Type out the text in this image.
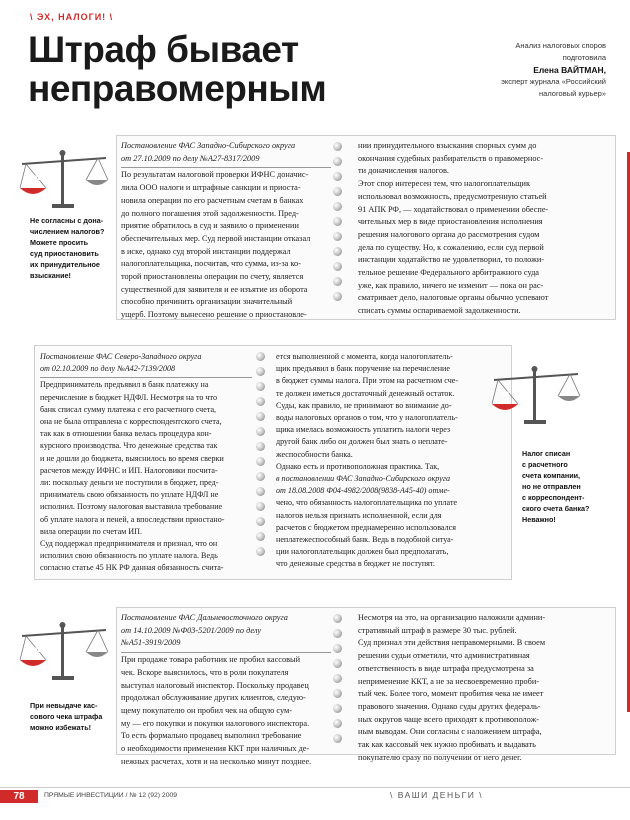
\ ЭХ, НАЛОГИ! \
Штраф бывает
неправомерным
Анализ налоговых споров
подготовила
Елена ВАЙТМАН,
эксперт журнала «Российский
налоговый курьер»
за
Не согласны с дона-
числением налогов?
Можете просить
суд приостановить
их принудительное
взыскание!
Постановление ФАС Западно-Сибирского округа
от 27.10.2009 по делу №А27-8317/2009
По результатам налоговой проверки ИФНС доначис-
лила ООО налоги и штрафные санкции и приоста-
новила операции по его расчетным счетам в банках
до полного погашения этой задолженности. Пред-
приятие обратилось в суд и заявило о применении
обеспечительных мер. Суд первой инстанции отказал
в иске, однако суд второй инстанции поддержал
налогоплательщика, посчитав, что сумма, из-за ко-
торой приостановлены операции по счету, является
существенной для заявителя и ее изъятие из оборота
способно причинить организации значительный
ущерб. Поэтому вынесено решение о приостановле-
нии принудительного взыскания спорных сумм до
окончания судебных разбирательств о правомернос-
ти доначисления налогов.
Этот спор интересен тем, что налогоплательщик
использовал возможность, предусмотренную статьей
91 АПК РФ, — ходатайствовал о применении обеспе-
чительных мер в виде приостановления исполнения
решения налогового органа до рассмотрения судом
дела по существу. Но, к сожалению, если суд первой
инстанции ходатайство не удовлетворил, то положи-
тельное решение Федерального арбитражного суда
уже, как правило, ничего не изменит — пока он рас-
сматривает дело, налоговые органы обычно успевают
списать суммы оспариваемой задолженности.
за
Налог списан
с расчетного
счета компании,
но не отправлен
с корреспондент-
ского счета банка?
Неважно!
Постановление ФАС Северо-Западного округа
от 02.10.2009 по делу №А42-7139/2008
Предприниматель предъявил в банк платежку на
перечисление в бюджет НДФЛ. Несмотря на то что
банк списал сумму платежа с его расчетного счета,
она не была отправлена с корреспондентского счета,
так как в отношении банка велась процедура кон-
курсного производства. Что денежные средства так
и не дошли до бюджета, выяснилось во время сверки
расчетов между ИФНС и ИП. Налоговики посчита-
ли: поскольку деньги не поступили в бюджет, пред-
приниматель свою обязанность по уплате НДФЛ не
исполнил. Поэтому налоговая выставила требование
об уплате налога и пеней, а впоследствии приостано-
вила операции по счетам ИП.
Суд поддержал предпринимателя и признал, что он
исполнил свою обязанность по уплате налога. Ведь
согласно статье 45 НК РФ данная обязанность счита-
ется выполненной с момента, когда налогоплатель-
щик предъявил в банк поручение на перечисление
в бюджет суммы налога. При этом на расчетном сче-
те должен иметься достаточный денежный остаток.
Суды, как правило, не принимают во внимание до-
воды налоговых органов о том, что у налогоплатель-
щика имелась возможность уплатить налоги через
другой банк либо он должен был знать о неплате-
жеспособности банка.
Однако есть и противоположная практика. Так,
в постановлении ФАС Западно-Сибирского округа
от 18.08.2008 Ф04-4982/2008(9838-А45-40) отме-
чено, что обязанность налогоплательщика по уплате
налогов нельзя признать исполненной, если для
расчетов с бюджетом преднамеренно использовался
неплатежеспособный банк. Ведь в подобной ситуа-
ции налогоплательщик должен был предполагать,
что денежные средства в бюджет не поступят.
за
При невыдаче кас-
сового чека штрафа
можно избежать!
Постановление ФАС Дальневосточного округа
от 14.10.2009 №Ф03-5201/2009 по делу
№А51-3919/2009
При продаже товара работник не пробил кассовый
чек. Вскоре выяснилось, что в роли покупателя
выступал налоговый инспектор. Поскольку продавец
продолжал обслуживание других клиентов, следую-
щему покупателю он пробил чек на общую сум-
му — его покупки и покупки налогового инспектора.
То есть формально продавец выполнил требование
о необходимости применения ККТ при наличных де-
нежных расчетах, хотя и на несколько минут позднее.
Несмотря на это, на организацию наложили админи-
стративный штраф в размере 30 тыс. рублей.
Суд признал эти действия неправомерными. В своем
решении судьи отметили, что административная
ответственность в виде штрафа предусмотрена за
неприменение ККТ, а не за несвоевременно проби-
тый чек. Более того, момент пробития чека не имеет
правового значения. Однако суды других федераль-
ных округов чаще всего приходят к противополож-
ным выводам. Они согласны с наложением штрафа,
так как кассовый чек нужно пробивать и выдавать
покупателю сразу по получении от него денег.
78	ПРЯМЫЕ ИНВЕСТИЦИИ / № 12 (92) 2009	\ ВАШИ ДЕНЬГИ \
